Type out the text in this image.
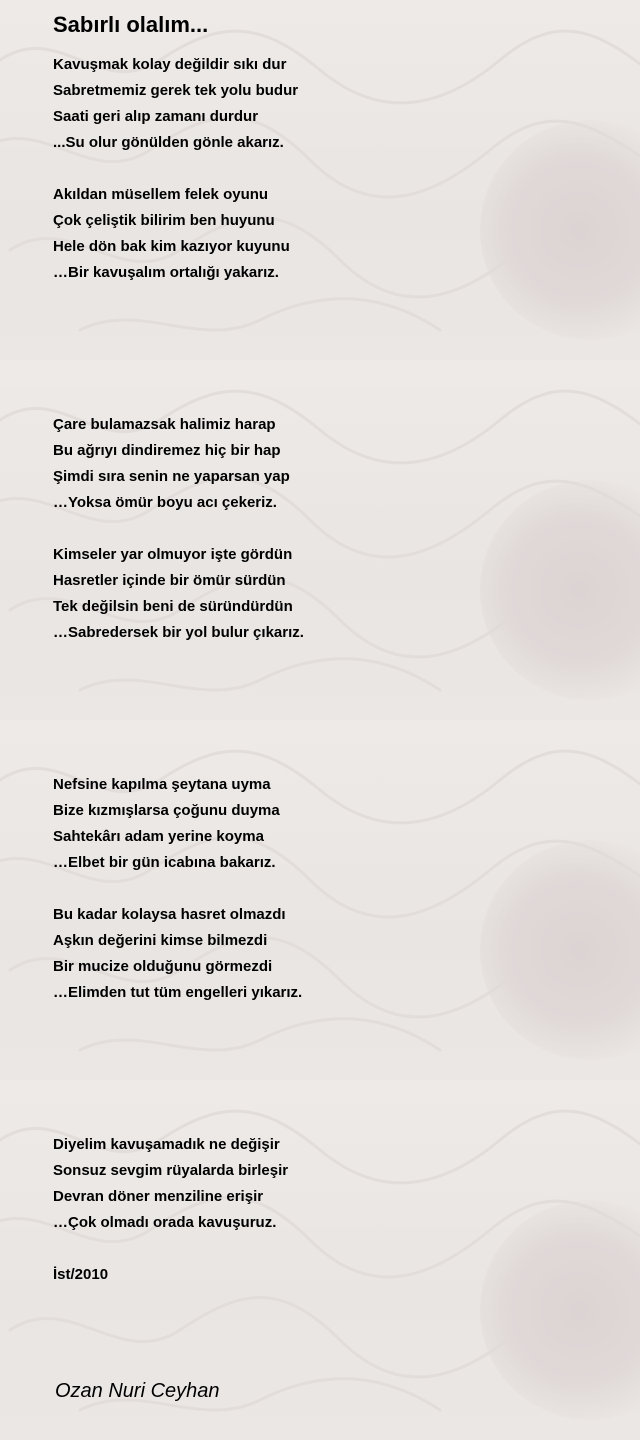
Sabırlı olalım...

Kavuşmak kolay değildir sıkı dur

Sabretmemiz gerek tek yolu budur

Saati geri alıp zamanı durdur

...Su olur gönülden gönle akarız.

Akıldan müsellem felek oyunu

Çok çeliştik bilirim ben huyunu

Hele dön bak kim kazıyor kuyunu

…Bir kavuşalım ortalığı yakarız.

Çare bulamazsak halimiz harap

Bu ağrıyı dindiremez hiç bir hap

Şimdi sıra senin ne yaparsan yap

…Yoksa ömür boyu acı çekeriz.

Kimseler yar olmuyor işte gördün

Hasretler içinde bir ömür sürdün

Tek değilsin beni de süründürdün

…Sabredersek bir yol bulur çıkarız.

Nefsine kapılma şeytana uyma

Bize kızmışlarsa çoğunu duyma

Sahtekârı adam yerine koyma

…Elbet bir gün icabına bakarız.

Bu kadar kolaysa hasret olmazdı

Aşkın değerini kimse bilmezdi

Bir mucize olduğunu görmezdi

…Elimden tut tüm engelleri yıkarız.

Diyelim kavuşamadık ne değişir

Sonsuz sevgim rüyalarda birleşir

Devran döner menziline erişir

…Çok olmadı orada kavuşuruz.

İst/2010

Ozan Nuri Ceyhan
